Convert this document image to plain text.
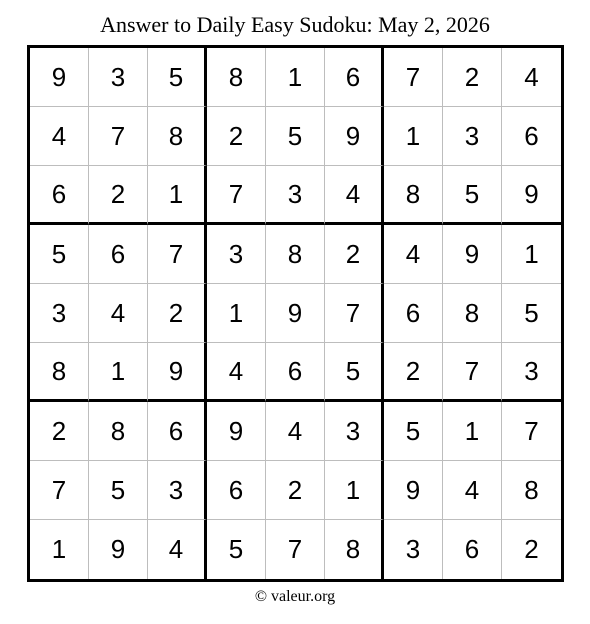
Answer to Daily Easy Sudoku: May 2, 2026
9	3	5	8	1	6	7	2	4
4	7	8	2	5	9	1	3	6
6	2	1	7	3	4	8	5	9
5	6	7	3	8	2	4	9	1
3	4	2	1	9	7	6	8	5
8	1	9	4	6	5	2	7	3
2	8	6	9	4	3	5	1	7
7	5	3	6	2	1	9	4	8
1	9	4	5	7	8	3	6	2
© valeur.org
